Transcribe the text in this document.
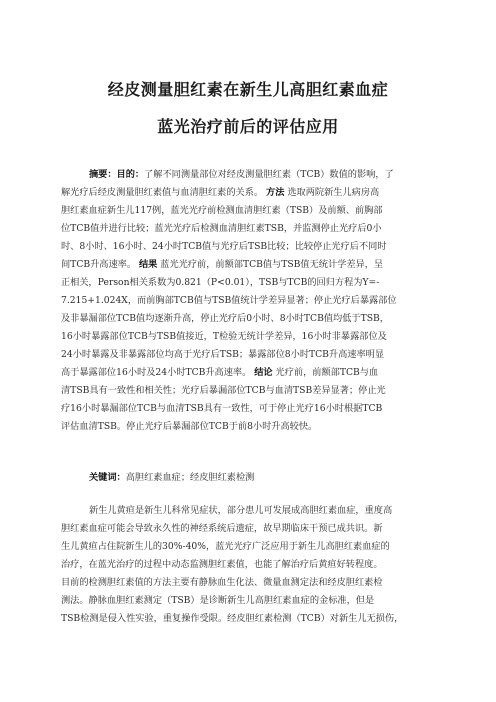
经皮测量胆红素在新生儿高胆红素血症
蓝光治疗前后的评估应用
摘要：目的：了解不同测量部位对经皮测量胆红素（TCB）数值的影响，了
解光疗后经皮测量胆红素值与血清胆红素的关系。 方法 选取两院新生儿病房高
胆红素血症新生儿117例，蓝光光疗前检测血清胆红素（TSB）及前额、前胸部
位TCB值并进行比较；蓝光光疗后检测血清胆红素TSB，并监测停止光疗后0小
时、8小时、16小时、24小时TCB值与光疗后TSB比较；比较停止光疗后不同时
间TCB升高速率。 结果 蓝光光疗前，前额部TCB值与TSB值无统计学差异，呈
正相关，Person相关系数为0.821（P<0.01），TSB与TCB的回归方程为Y=-
7.215+1.024X，而前胸部TCB值与TSB值统计学差异显著；停止光疗后暴露部位
及非暴漏部位TCB值均逐渐升高，停止光疗后0小时、8小时TCB值均低于TSB，
16小时暴露部位TCB与TSB值接近，T检验无统计学差异，16小时非暴露部位及
24小时暴露及非暴露部位均高于光疗后TSB；暴露部位8小时TCB升高速率明显
高于暴露部位16小时及24小时TCB升高速率。 结论 光疗前，前额部TCB与血
清TSB具有一致性和相关性；光疗后暴漏部位TCB与血清TSB差异显著；停止光
疗16小时暴漏部位TCB与血清TSB具有一致性，可于停止光疗16小时根据TCB
评估血清TSB。停止光疗后暴漏部位TCB于前8小时升高较快。
关键词：高胆红素血症；经皮胆红素检测
新生儿黄疸是新生儿科常见症状，部分患儿可发展成高胆红素血症，重度高
胆红素血症可能会导致永久性的神经系统后遗症，故早期临床干预已成共识。新
生儿黄疸占住院新生儿的30%-40%，蓝光光疗广泛应用于新生儿高胆红素血症的
治疗，在蓝光治疗的过程中动态监测胆红素值，也能了解治疗后黄疸好转程度。
目前的检测胆红素值的方法主要有静脉血生化法、微量血测定法和经皮胆红素检
测法。静脉血胆红素测定（TSB）是诊断新生儿高胆红素血症的金标准，但是
TSB检测是侵入性实验，重复操作受限。经皮胆红素检测（TCB）对新生儿无损伤，
